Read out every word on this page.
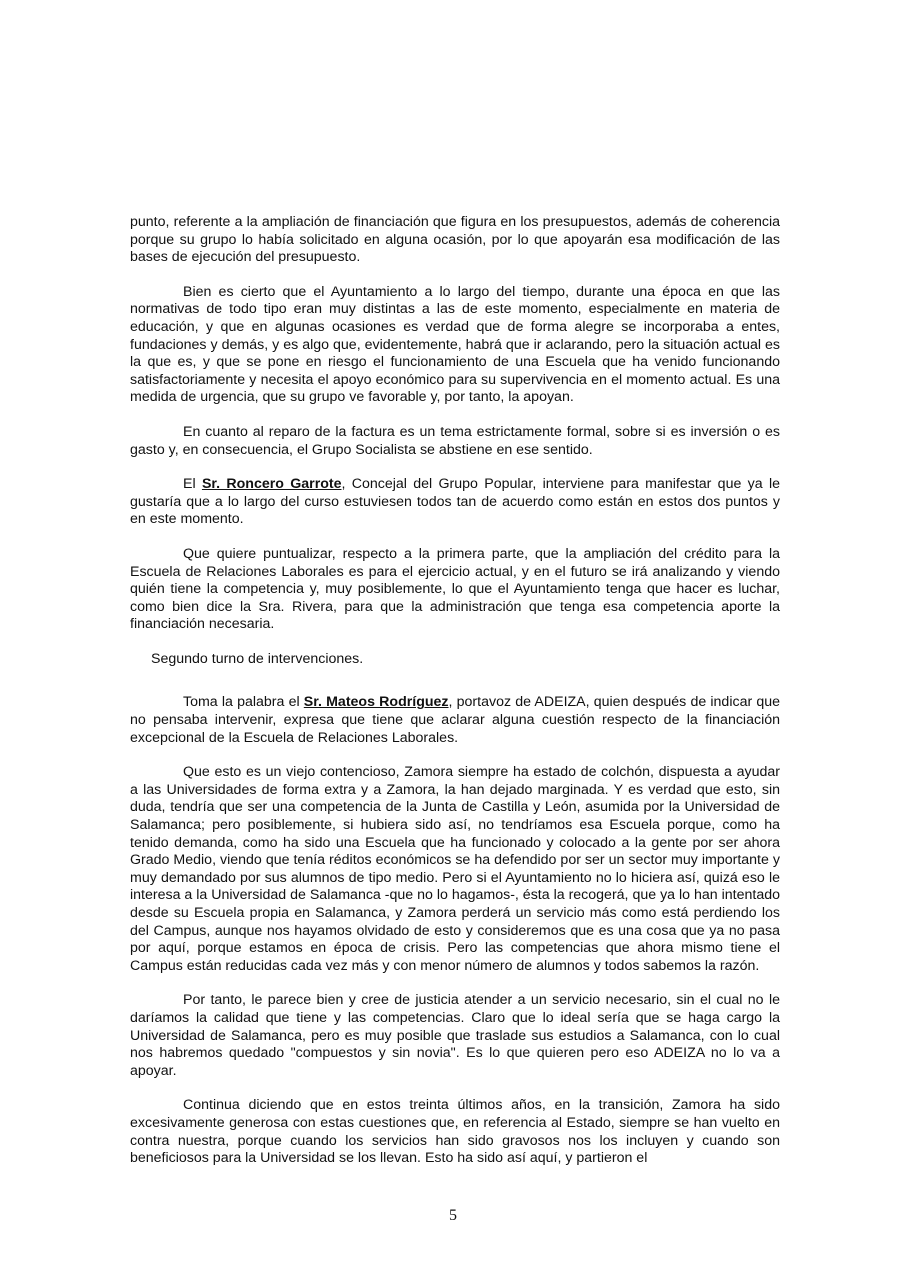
punto, referente a la ampliación de financiación que figura en los presupuestos, además de coherencia porque su grupo lo había solicitado en alguna ocasión, por lo que apoyarán esa modificación de las bases de ejecución del presupuesto.

Bien es cierto que el Ayuntamiento a lo largo del tiempo, durante una época en que las normativas de todo tipo eran muy distintas a las de este momento, especialmente en materia de educación, y que en algunas ocasiones es verdad que de forma alegre se incorporaba a entes, fundaciones y demás, y es algo que, evidentemente, habrá que ir aclarando, pero la situación actual es la que es, y que se pone en riesgo el funcionamiento de una Escuela que ha venido funcionando satisfactoriamente y necesita el apoyo económico para su supervivencia en el momento actual. Es una medida de urgencia, que su grupo ve favorable y, por tanto, la apoyan.

En cuanto al reparo de la factura es un tema estrictamente formal, sobre si es inversión o es gasto y, en consecuencia, el Grupo Socialista se abstiene en ese sentido.

El Sr. Roncero Garrote, Concejal del Grupo Popular, interviene para manifestar que ya le gustaría que a lo largo del curso estuviesen todos tan de acuerdo como están en estos dos puntos y en este momento.

Que quiere puntualizar, respecto a la primera parte, que la ampliación del crédito para la Escuela de Relaciones Laborales es para el ejercicio actual, y en el futuro se irá analizando y viendo quién tiene la competencia y, muy posiblemente, lo que el Ayuntamiento tenga que hacer es luchar, como bien dice la Sra. Rivera, para que la administración que tenga esa competencia aporte la financiación necesaria.

Segundo turno de intervenciones.

Toma la palabra el Sr. Mateos Rodríguez, portavoz de ADEIZA, quien después de indicar que no pensaba intervenir, expresa que tiene que aclarar alguna cuestión respecto de la financiación excepcional de la Escuela de Relaciones Laborales.

Que esto es un viejo contencioso, Zamora siempre ha estado de colchón, dispuesta a ayudar a las Universidades de forma extra y a Zamora, la han dejado marginada. Y es verdad que esto, sin duda, tendría que ser una competencia de la Junta de Castilla y León, asumida por la Universidad de Salamanca; pero posiblemente, si hubiera sido así, no tendríamos esa Escuela porque, como ha tenido demanda, como ha sido una Escuela que ha funcionado y colocado a la gente por ser ahora Grado Medio, viendo que tenía réditos económicos se ha defendido por ser un sector muy importante y muy demandado por sus alumnos de tipo medio. Pero si el Ayuntamiento no lo hiciera así, quizá eso le interesa a la Universidad de Salamanca -que no lo hagamos-, ésta la recogerá, que ya lo han intentado desde su Escuela propia en Salamanca, y Zamora perderá un servicio más como está perdiendo los del Campus, aunque nos hayamos olvidado de esto y consideremos que es una cosa que ya no pasa por aquí, porque estamos en época de crisis. Pero las competencias que ahora mismo tiene el Campus están reducidas cada vez más y con menor número de alumnos y todos sabemos la razón.

Por tanto, le parece bien y cree de justicia atender a un servicio necesario, sin el cual no le daríamos la calidad que tiene y las competencias. Claro que lo ideal sería que se haga cargo la Universidad de Salamanca, pero es muy posible que traslade sus estudios a Salamanca, con lo cual nos habremos quedado "compuestos y sin novia". Es lo que quieren pero eso ADEIZA no lo va a apoyar.

Continua diciendo que en estos treinta últimos años, en la transición, Zamora ha sido excesivamente generosa con estas cuestiones que, en referencia al Estado, siempre se han vuelto en contra nuestra, porque cuando los servicios han sido gravosos nos los incluyen y cuando son beneficiosos para la Universidad se los llevan. Esto ha sido así aquí, y partieron el

5
